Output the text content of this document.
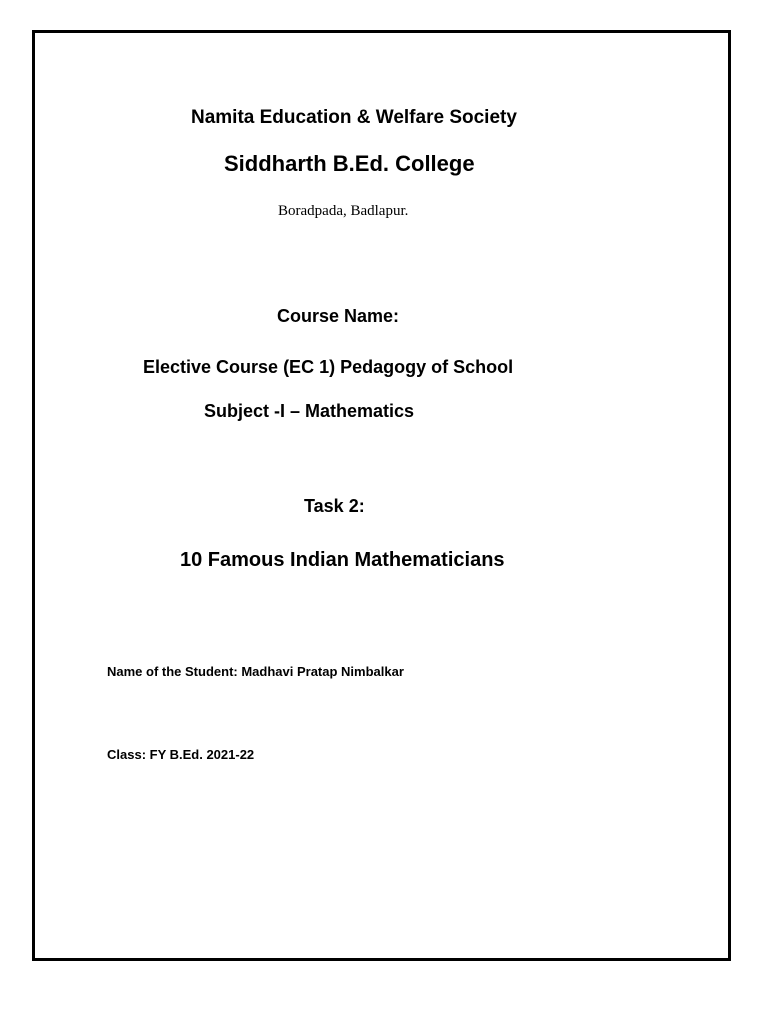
Namita Education & Welfare Society
Siddharth B.Ed. College
Boradpada, Badlapur.
Course Name:
Elective Course (EC 1) Pedagogy of School
Subject -I – Mathematics
Task 2:
10 Famous Indian Mathematicians
Name of the Student: Madhavi Pratap Nimbalkar
Class: FY B.Ed. 2021-22
